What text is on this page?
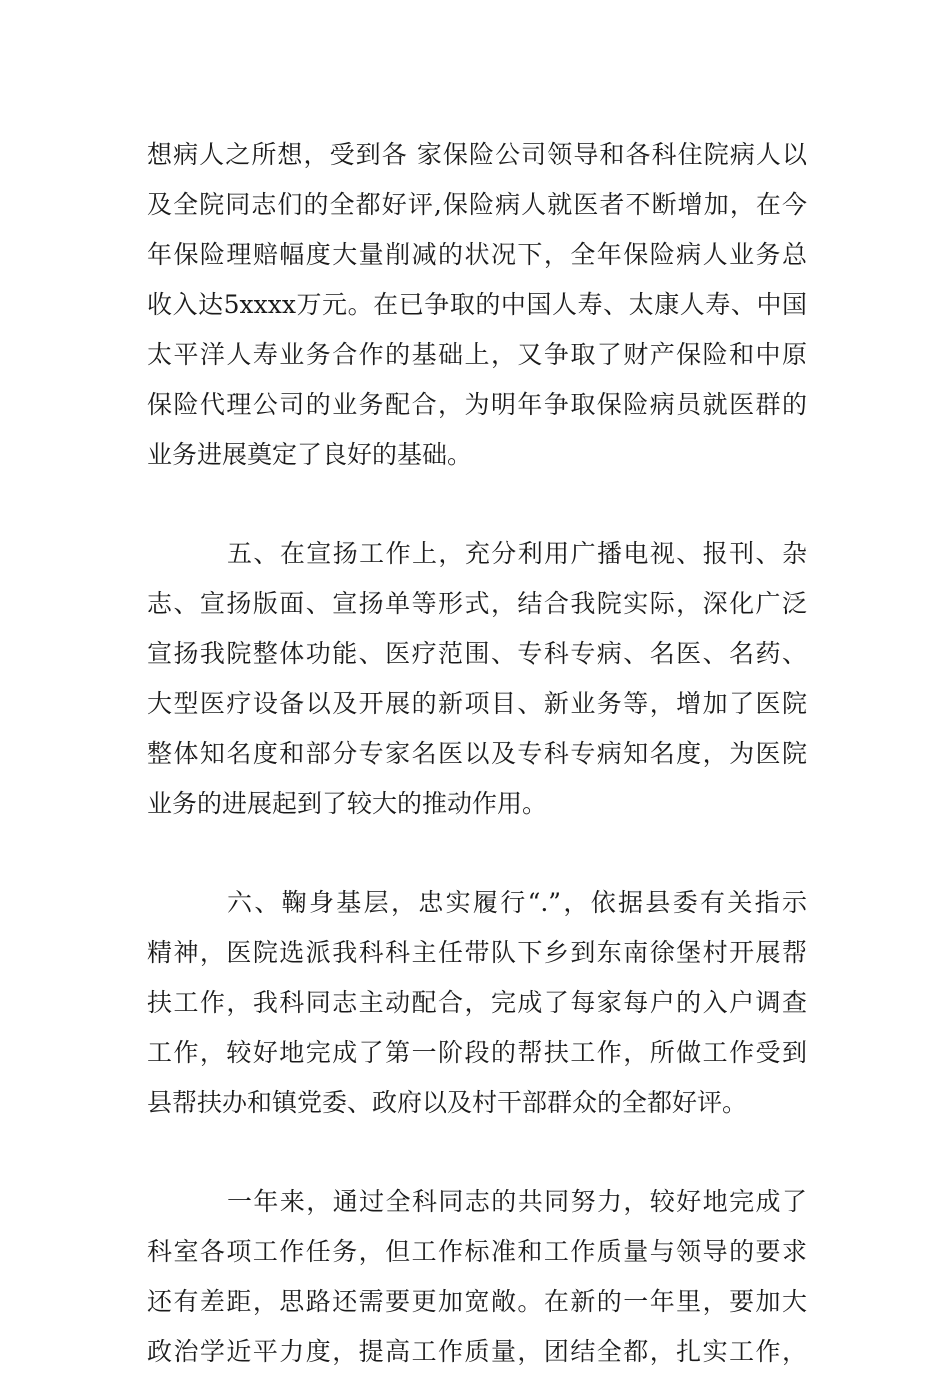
想病人之所想，受到各 家保险公司领导和各科住院病人以
及全院同志们的全都好评,保险病人就医者不断增加，在今
年保险理赔幅度大量削减的状况下，全年保险病人业务总
收入达5xxxx万元。在已争取的中国人寿、太康人寿、中国
太平洋人寿业务合作的基础上，又争取了财产保险和中原
保险代理公司的业务配合，为明年争取保险病员就医群的
业务进展奠定了良好的基础。
五、在宣扬工作上，充分利用广播电视、报刊、杂
志、宣扬版面、宣扬单等形式，结合我院实际，深化广泛
宣扬我院整体功能、医疗范围、专科专病、名医、名药、
大型医疗设备以及开展的新项目、新业务等，增加了医院
整体知名度和部分专家名医以及专科专病知名度，为医院
业务的进展起到了较大的推动作用。
六、鞠身基层，忠实履行“.”，依据县委有关指示
精神，医院选派我科科主任带队下乡到东南徐堡村开展帮
扶工作，我科同志主动配合，完成了每家每户的入户调查
工作，较好地完成了第一阶段的帮扶工作，所做工作受到
县帮扶办和镇党委、政府以及村干部群众的全都好评。
一年来，通过全科同志的共同努力，较好地完成了
科室各项工作任务，但工作标准和工作质量与领导的要求
还有差距，思路还需要更加宽敞。在新的一年里，要加大
政治学近平力度，提高工作质量，团结全都，扎实工作，
